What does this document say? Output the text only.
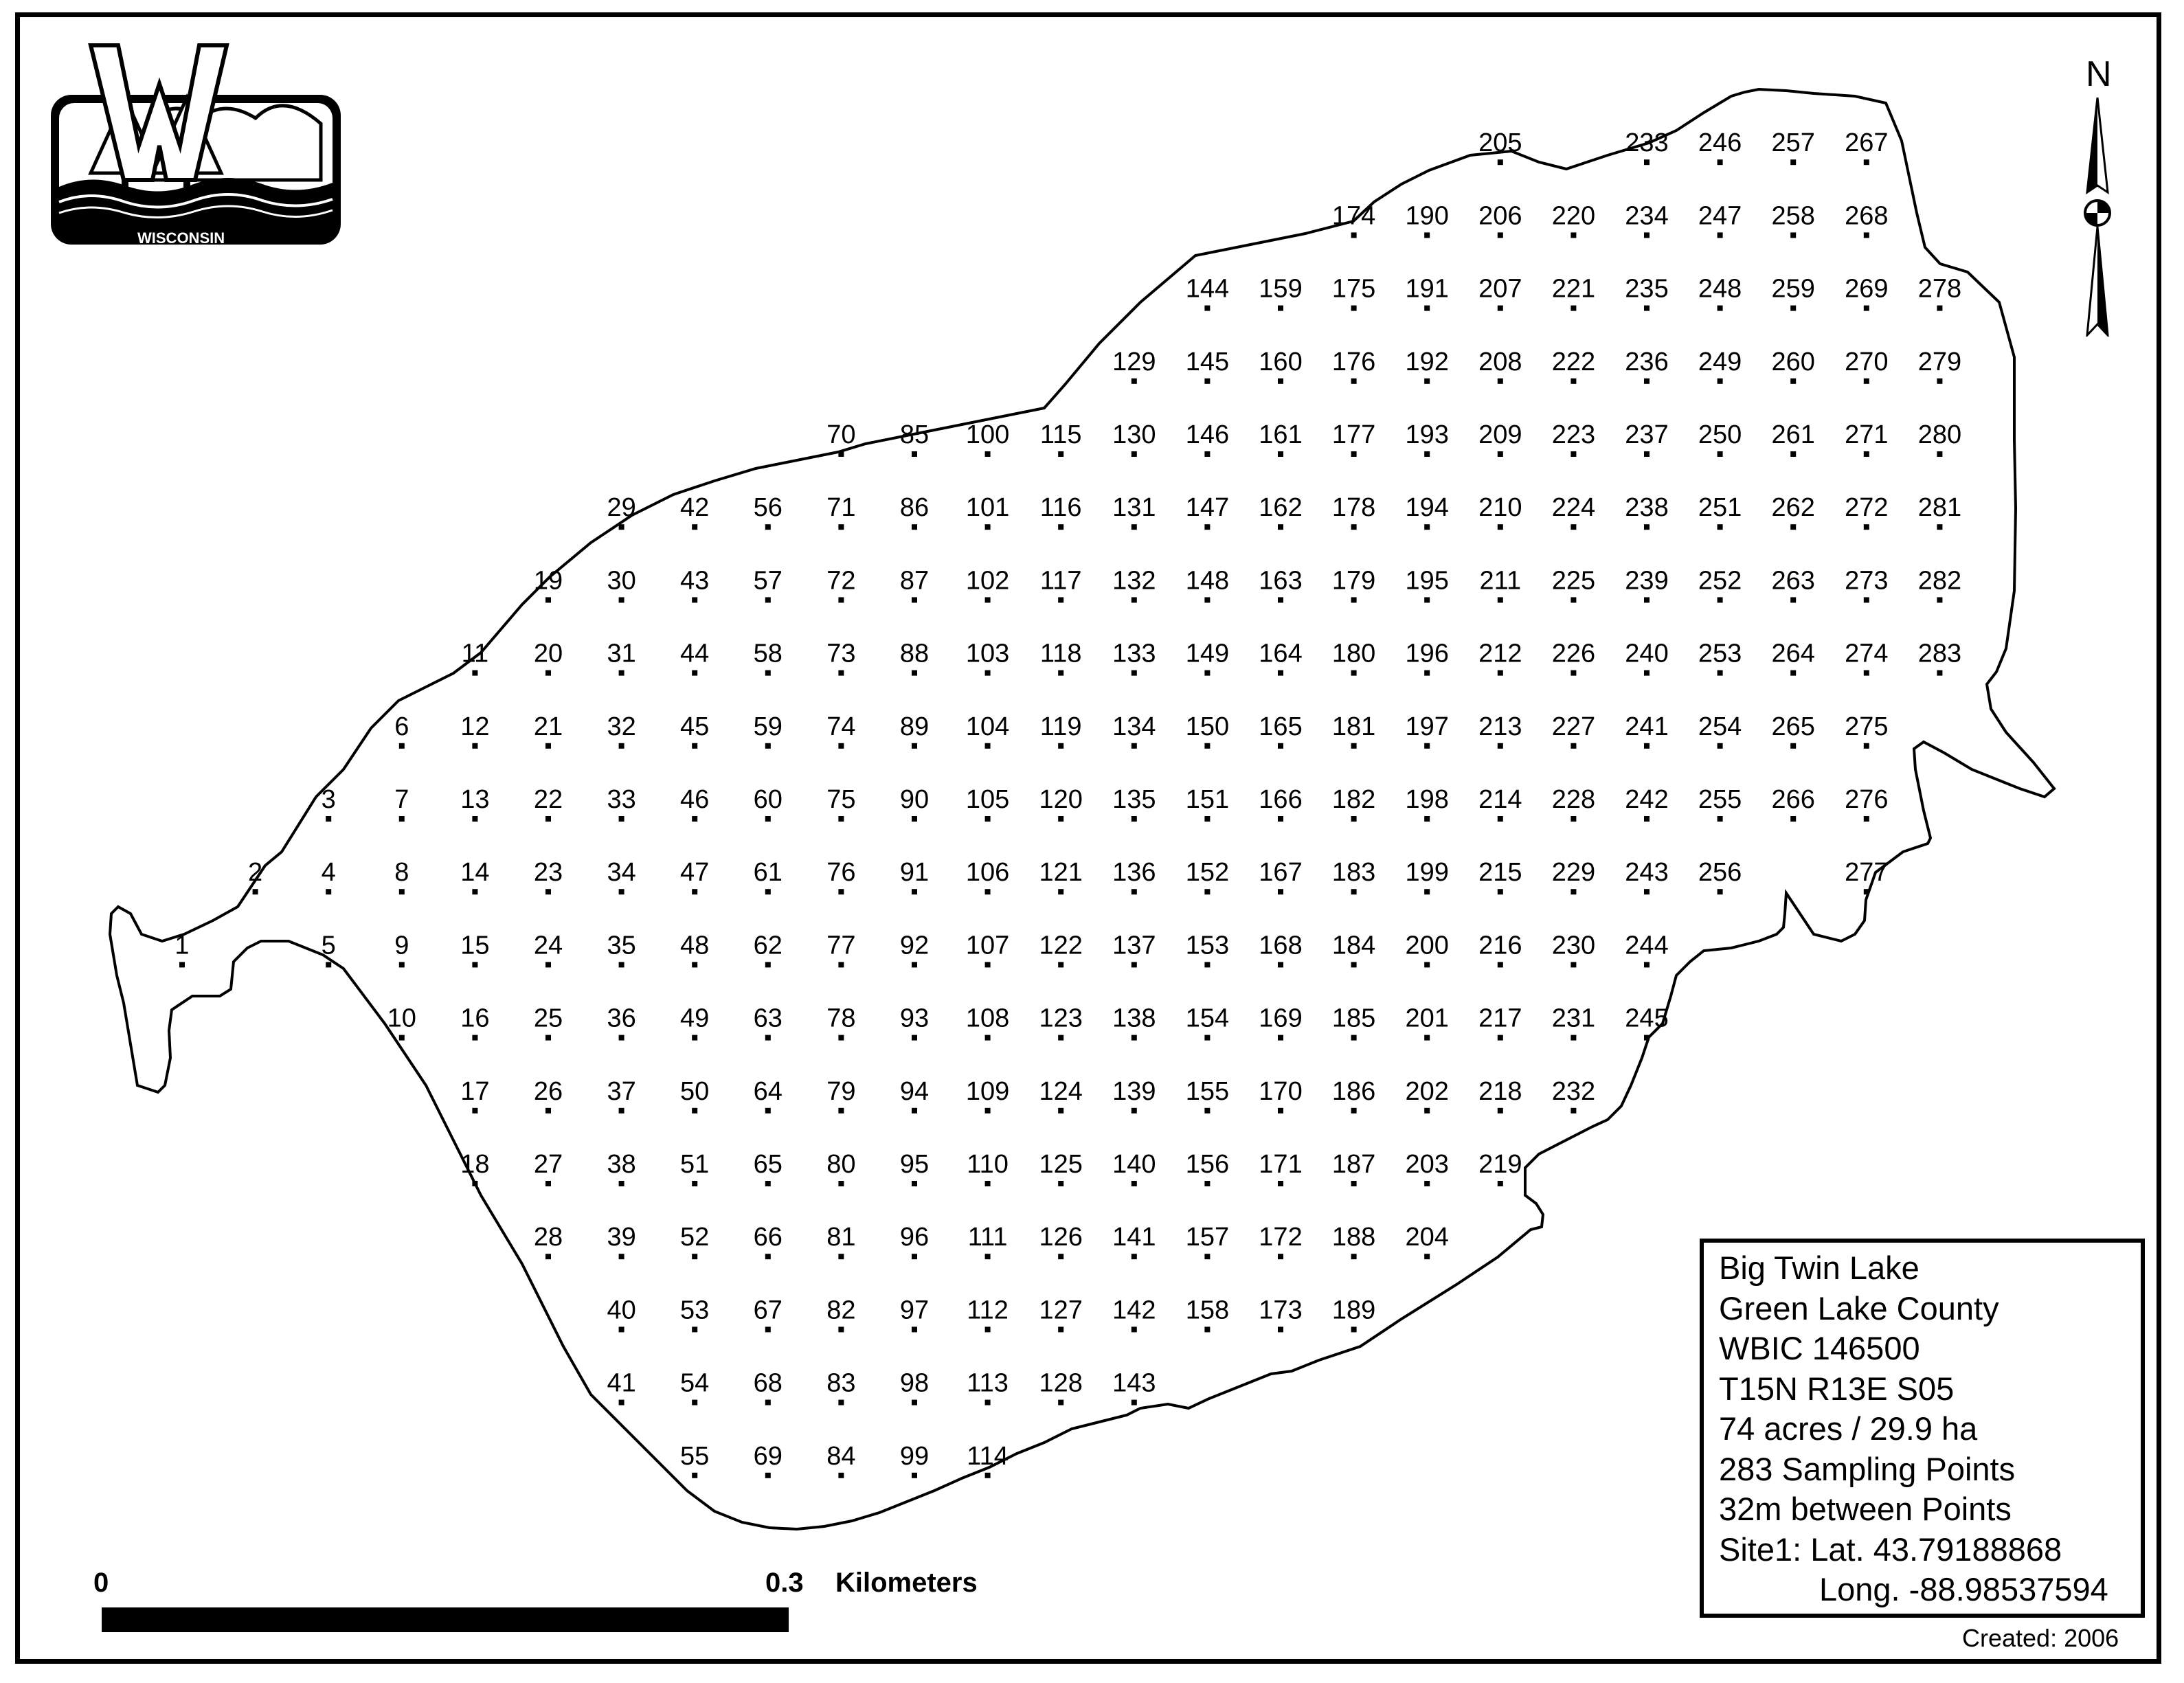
1
2
3
4
5
6
7
8
9
10
11
12
13
14
15
16
17
18
19
20
21
22
23
24
25
26
27
28
29
30
31
32
33
34
35
36
37
38
39
40
41
42
43
44
45
46
47
48
49
50
51
52
53
54
55
56
57
58
59
60
61
62
63
64
65
66
67
68
69
70
71
72
73
74
75
76
77
78
79
80
81
82
83
84
85
86
87
88
89
90
91
92
93
94
95
96
97
98
99
100
101
102
103
104
105
106
107
108
109
110
111
112
113
114
115
116
117
118
119
120
121
122
123
124
125
126
127
128
129
130
131
132
133
134
135
136
137
138
139
140
141
142
143
144
145
146
147
148
149
150
151
152
153
154
155
156
157
158
159
160
161
162
163
164
165
166
167
168
169
170
171
172
173
174
175
176
177
178
179
180
181
182
183
184
185
186
187
188
189
190
191
192
193
194
195
196
197
198
199
200
201
202
203
204
205
206
207
208
209
210
211
212
213
214
215
216
217
218
219
220
221
222
223
224
225
226
227
228
229
230
231
232
233
234
235
236
237
238
239
240
241
242
243
244
245
246
247
248
249
250
251
252
253
254
255
256
257
258
259
260
261
262
263
264
265
266
267
268
269
270
271
272
273
274
275
276
277
278
279
280
281
282
283
WISCONSIN
DEPT. OF NATURAL RESOURCES
N
0	0.3 Kilometers
Big Twin Lake
Green Lake County
WBIC 146500
T15N R13E S05
74 acres / 29.9 ha
283 Sampling Points
32m between Points
Site1: Lat. 43.79188868
Long. -88.98537594
Created: 2006
